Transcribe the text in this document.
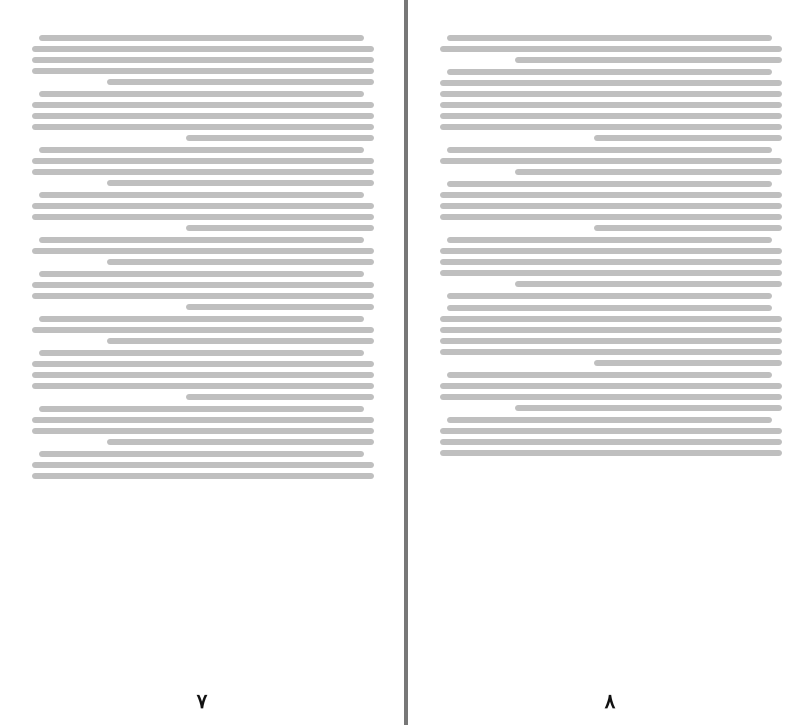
۷	۸
